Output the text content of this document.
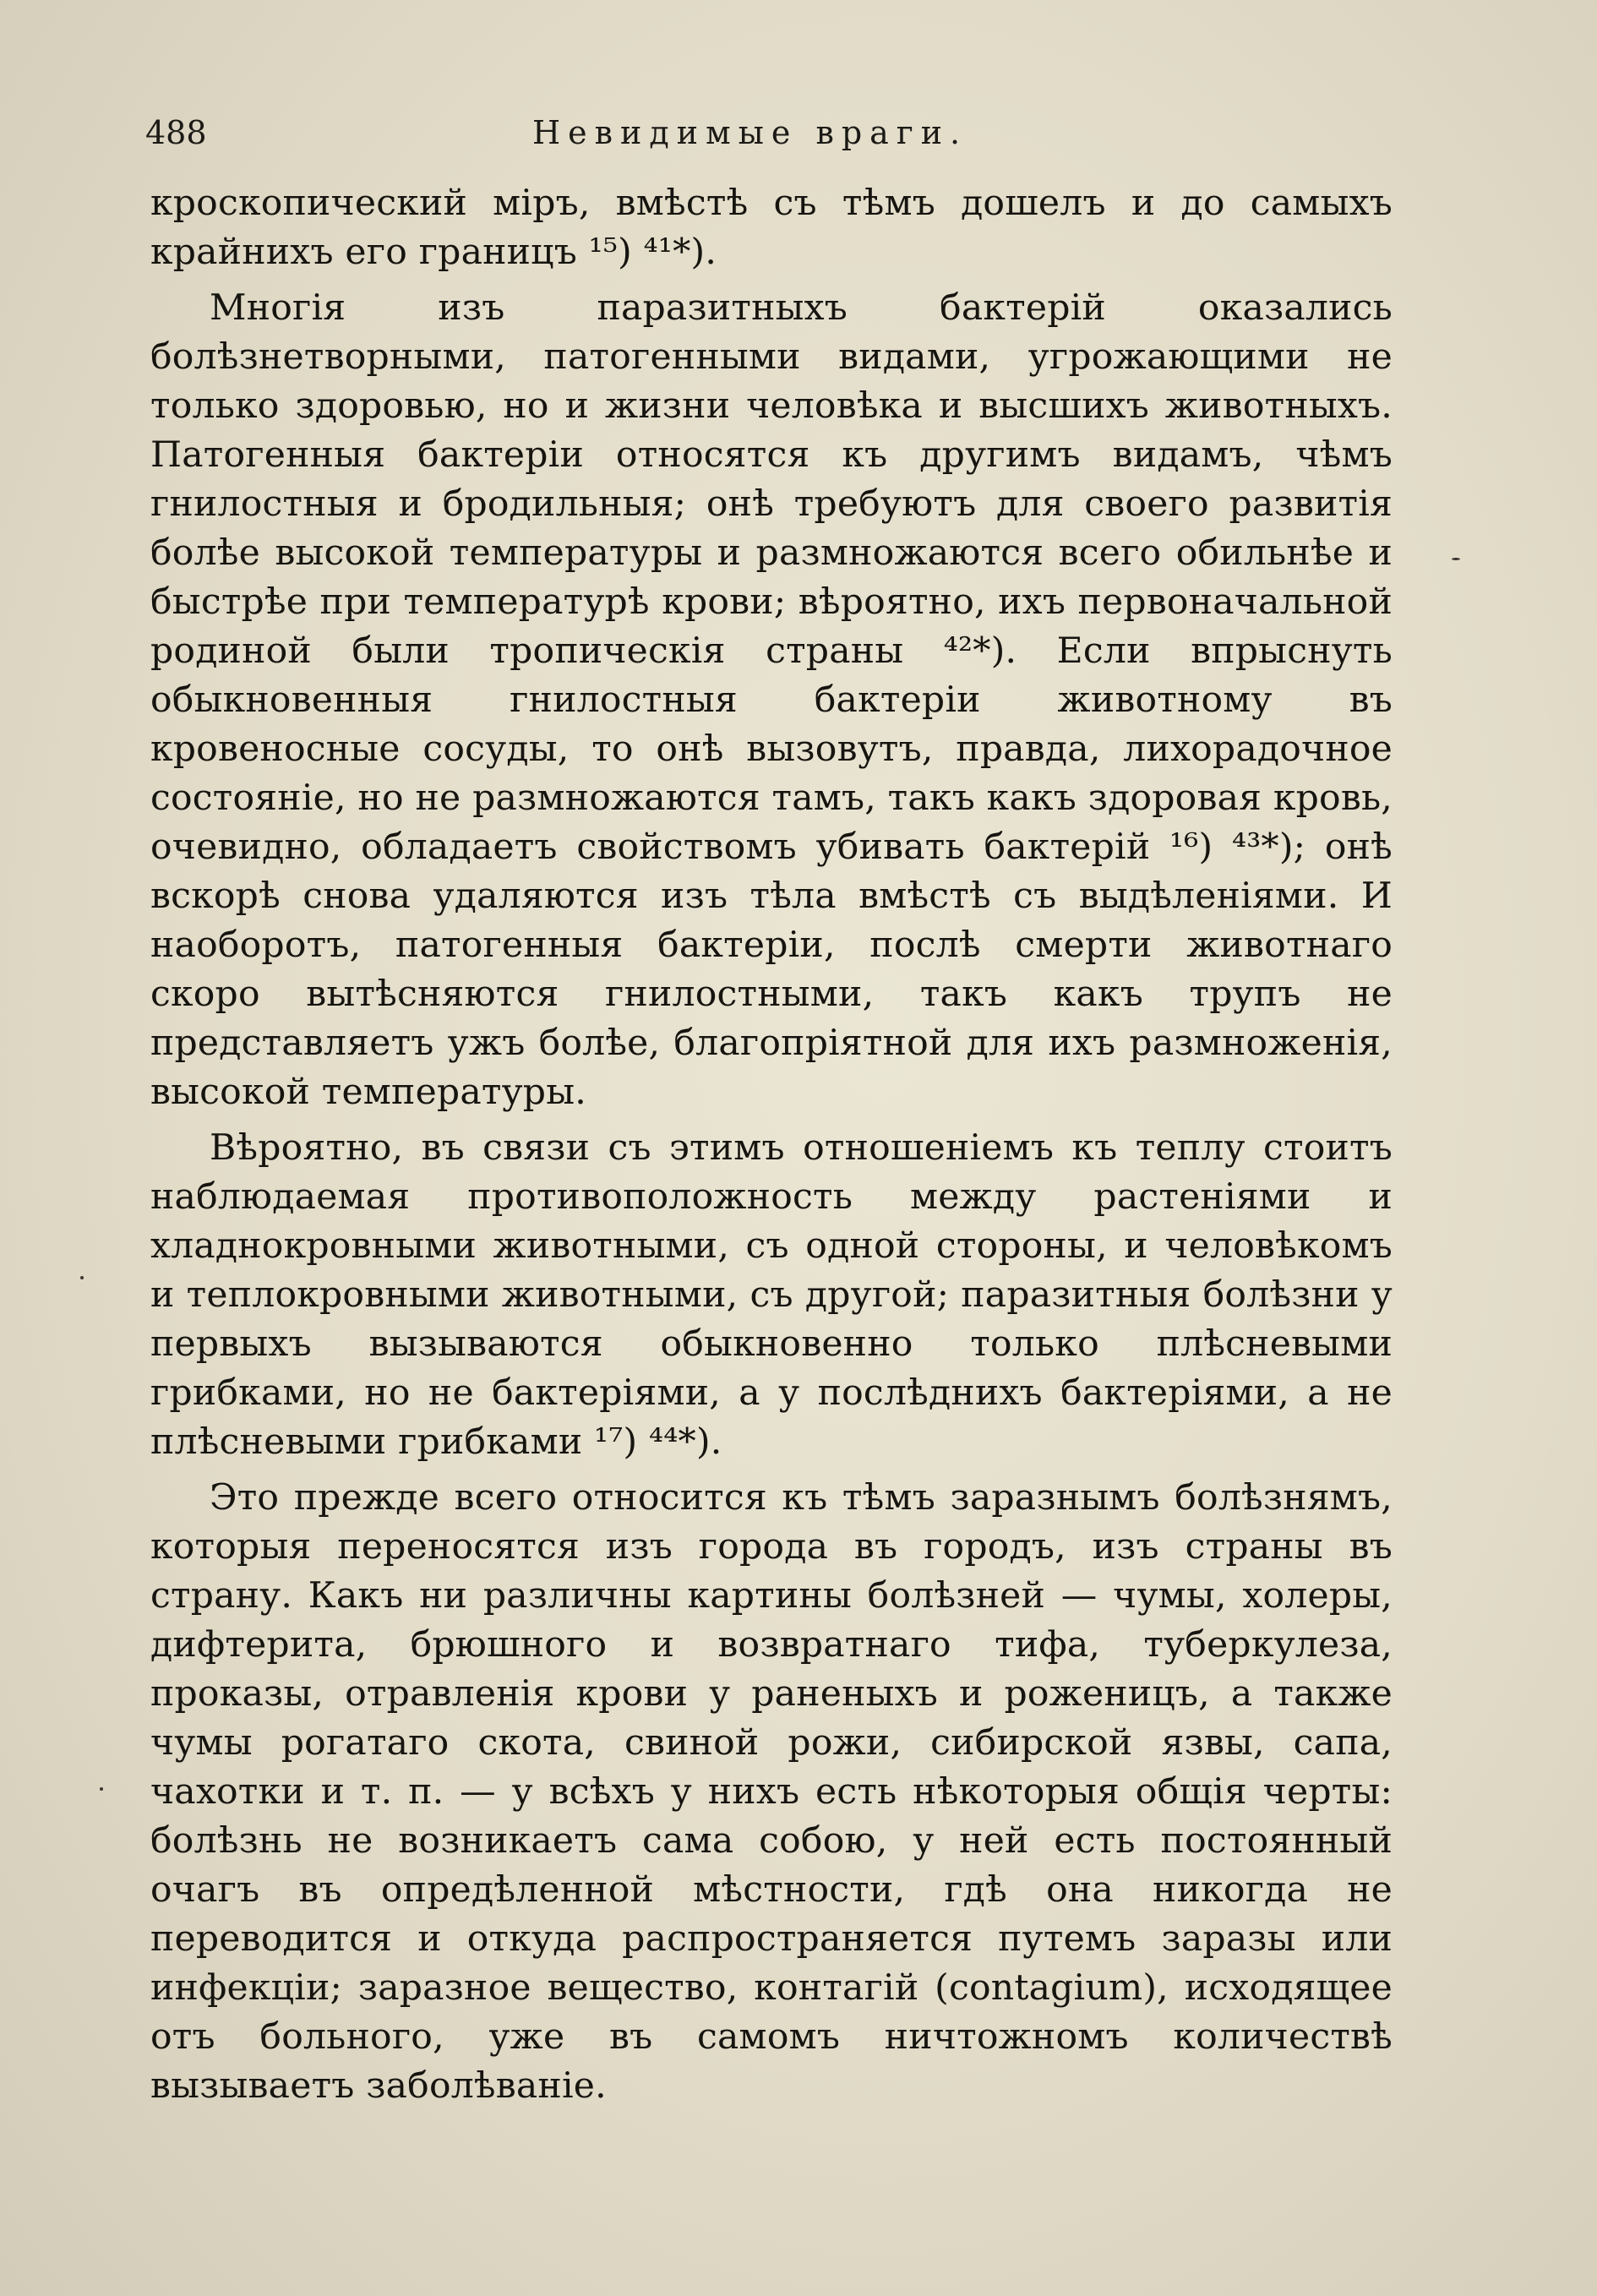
488	Невидимые враги.

кроскопический міръ, вмѣстѣ съ тѣмъ дошелъ и до самыхъ крайнихъ его границъ ¹⁵) ⁴¹*).

Многія изъ паразитныхъ бактерій оказались болѣзнетворными, патогенными видами, угрожающими не только здоровью, но и жизни человѣка и высшихъ животныхъ. Патогенныя бактеріи относятся къ другимъ видамъ, чѣмъ гнилостныя и бродильныя; онѣ требуютъ для своего развитія болѣе высокой температуры и размножаются всего обильнѣе и быстрѣе при температурѣ крови; вѣроятно, ихъ первоначальной родиной были тропическія страны ⁴²*). Если впрыснуть обыкновенныя гнилостныя бактеріи животному въ кровеносные сосуды, то онѣ вызовутъ, правда, лихорадочное состояніе, но не размножаются тамъ, такъ какъ здоровая кровь, очевидно, обладаетъ свойствомъ убивать бактерій ¹⁶) ⁴³*); онѣ вскорѣ снова удаляются изъ тѣла вмѣстѣ съ выдѣленіями. И наоборотъ, патогенныя бактеріи, послѣ смерти животнаго скоро вытѣсняются гнилостными, такъ какъ трупъ не представляетъ ужъ болѣе, благопріятной для ихъ размноженія, высокой температуры.

Вѣроятно, въ связи съ этимъ отношеніемъ къ теплу стоитъ наблюдаемая противоположность между растеніями и хладнокровными животными, съ одной стороны, и человѣкомъ и теплокровными животными, съ другой; паразитныя болѣзни у первыхъ вызываются обыкновенно только плѣсневыми грибками, но не бактеріями, а у послѣднихъ бактеріями, а не плѣсневыми грибками ¹⁷) ⁴⁴*).

Это прежде всего относится къ тѣмъ заразнымъ болѣзнямъ, которыя переносятся изъ города въ городъ, изъ страны въ страну. Какъ ни различны картины болѣзней — чумы, холеры, дифтерита, брюшного и возвратнаго тифа, туберкулеза, проказы, отравленія крови у раненыхъ и роженицъ, а также чумы рогатаго скота, свиной рожи, сибирской язвы, сапа, чахотки и т. п. — у всѣхъ у нихъ есть нѣкоторыя общія черты: болѣзнь не возникаетъ сама собою, у ней есть постоянный очагъ въ опредѣленной мѣстности, гдѣ она никогда не переводится и откуда распространяется путемъ заразы или инфекціи; заразное вещество, контагій (contagium), исходящее отъ больного, уже въ самомъ ничтожномъ количествѣ вызываетъ заболѣваніе.
